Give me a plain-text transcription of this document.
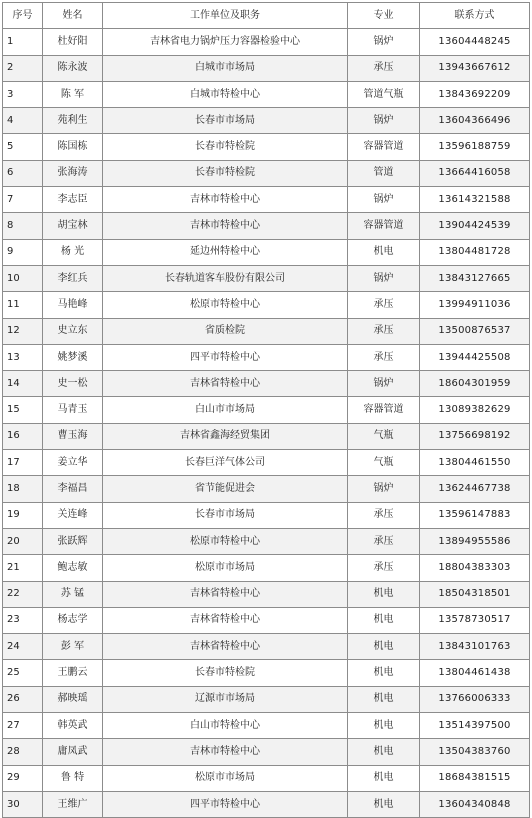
序号	姓名	工作单位及职务	专业	联系方式
1	杜好阳	吉林省电力锅炉压力容器检验中心	锅炉	13604448245
2	陈永波	白城市市场局	承压	13943667612
3	陈 军	白城市特检中心	管道气瓶	13843692209
4	苑利生	长春市市场局	锅炉	13604366496
5	陈国栋	长春市特检院	容器管道	13596188759
6	张海涛	长春市特检院	管道	13664416058
7	李志臣	吉林市特检中心	锅炉	13614321588
8	胡宝林	吉林市特检中心	容器管道	13904424539
9	杨 光	延边州特检中心	机电	13804481728
10	李红兵	长春轨道客车股份有限公司	锅炉	13843127665
11	马艳峰	松原市特检中心	承压	13994911036
12	史立东	省质检院	承压	13500876537
13	姚梦溪	四平市特检中心	承压	13944425508
14	史一松	吉林省特检中心	锅炉	18604301959
15	马青玉	白山市市场局	容器管道	13089382629
16	曹玉海	吉林省鑫海经贸集团	气瓶	13756698192
17	姜立华	长春巨洋气体公司	气瓶	13804461550
18	李福昌	省节能促进会	锅炉	13624467738
19	关连峰	长春市市场局	承压	13596147883
20	张跃辉	松原市特检中心	承压	13894955586
21	鲍志敏	松原市市场局	承压	18804383303
22	苏 锰	吉林省特检中心	机电	18504318501
23	杨志学	吉林省特检中心	机电	13578730517
24	彭 军	吉林省特检中心	机电	13843101763
25	王鹏云	长春市特检院	机电	13804461438
26	郝映瑶	辽源市市场局	机电	13766006333
27	韩英武	白山市特检中心	机电	13514397500
28	庸凤武	吉林市特检中心	机电	13504383760
29	鲁 特	松原市市场局	机电	18684381515
30	王维广	四平市特检中心	机电	13604340848
